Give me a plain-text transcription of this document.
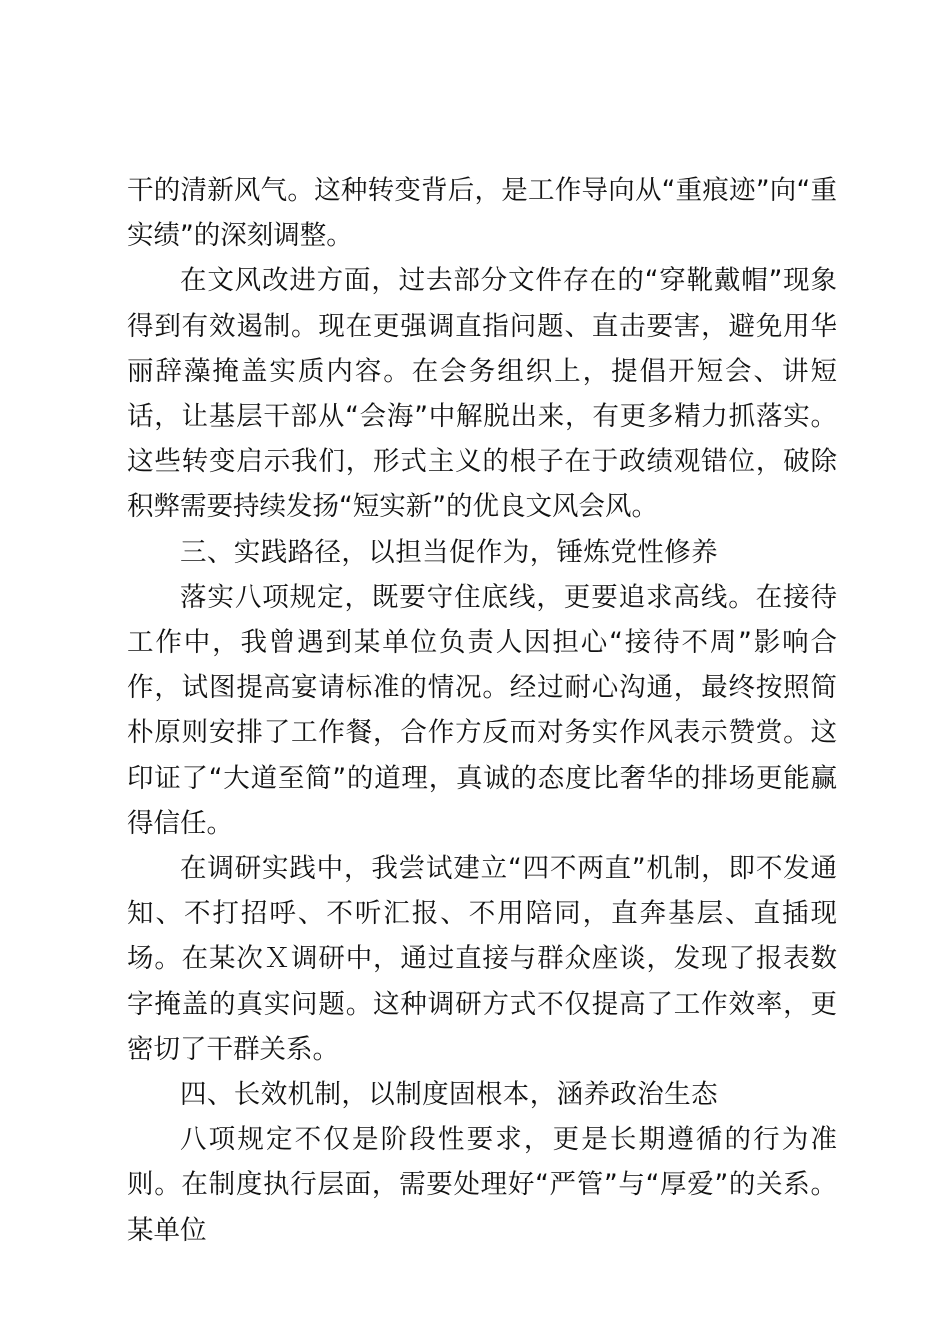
干的清新风气。这种转变背后，是工作导向从“重痕迹”向“重实绩”的深刻调整。

在文风改进方面，过去部分文件存在的“穿靴戴帽”现象得到有效遏制。现在更强调直指问题、直击要害，避免用华丽辞藻掩盖实质内容。在会务组织上，提倡开短会、讲短话，让基层干部从“会海”中解脱出来，有更多精力抓落实。这些转变启示我们，形式主义的根子在于政绩观错位，破除积弊需要持续发扬“短实新”的优良文风会风。

三、实践路径，以担当促作为，锤炼党性修养

落实八项规定，既要守住底线，更要追求高线。在接待工作中，我曾遇到某单位负责人因担心“接待不周”影响合作，试图提高宴请标准的情况。经过耐心沟通，最终按照简朴原则安排了工作餐，合作方反而对务实作风表示赞赏。这印证了“大道至简”的道理，真诚的态度比奢华的排场更能赢得信任。

在调研实践中，我尝试建立“四不两直”机制，即不发通知、不打招呼、不听汇报、不用陪同，直奔基层、直插现场。在某次Ｘ调研中，通过直接与群众座谈，发现了报表数字掩盖的真实问题。这种调研方式不仅提高了工作效率，更密切了干群关系。

四、长效机制，以制度固根本，涵养政治生态

八项规定不仅是阶段性要求，更是长期遵循的行为准则。在制度执行层面，需要处理好“严管”与“厚爱”的关系。某单位
